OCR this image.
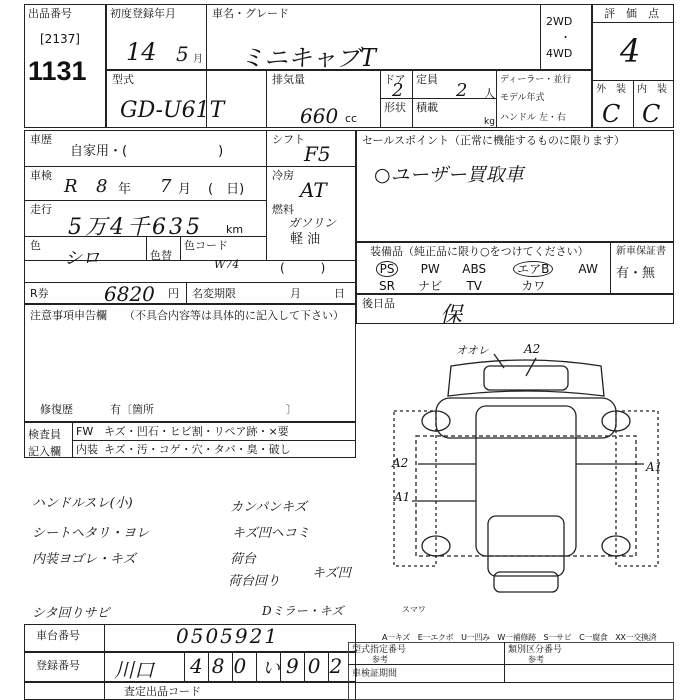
出品番号
[2137]
1131
初度登録年月
14 5 月
車名・グレード
ミニキャブT
2WD
・
4WD
評　価　点
4
型式
GD-U61T
排気量
660 cc
ドア
2
定員
2 人
形状 積載
kg
ディーラー・並行
モデル年式
ハンドル 左・右
外　装 内　装
C C
車歴
自家用・(　　　　　　　)
シフト
F5
車検
R 8 年 7 月 (　日)
冷房
AT
走行
5万4千635 km
燃料
ガソリン
軽 油
(　　　)
色
シロ	色替
色コード
W74
R券	6820 円 名変期限	月	日
セールスポイント（正常に機能するものに限ります）
○ユーザー買取車
装備品（純正品に限り○をつけてください）
PS	PW	ABS	エアB	AW
SR	ナビ	TV	カワ	
新車保証書
有・無
後日品 保
注意事項申告欄 （不具合内容等は具体的に記入して下さい）
修復歴	有〔箇所　　　　　　　　　　　　〕
検査員記入欄
FW キズ・凹石・ヒビ割・リペア跡・×要
内装 キズ・汚・コゲ・穴・タバ・臭・破し
ハンドルスレ(小)	カンパンキズ
シートヘタリ・ヨレ	キズ凹ヘコミ
内装ヨゴレ・キズ	荷台
荷台回り
キズ凹
シタ回りサビ	Dミラー・キズ
オオレ	A2
A2
A1
A1
スマワ
A一キズ　E一エクボ　U一凹み　W一補修跡　S一サビ　C一腐食　XX一交換済
車台番号	0505921
登録番号 川口 480 い 902
査定出品コード
型式指定番号
参考
類別区分番号
参考
車検証期間
